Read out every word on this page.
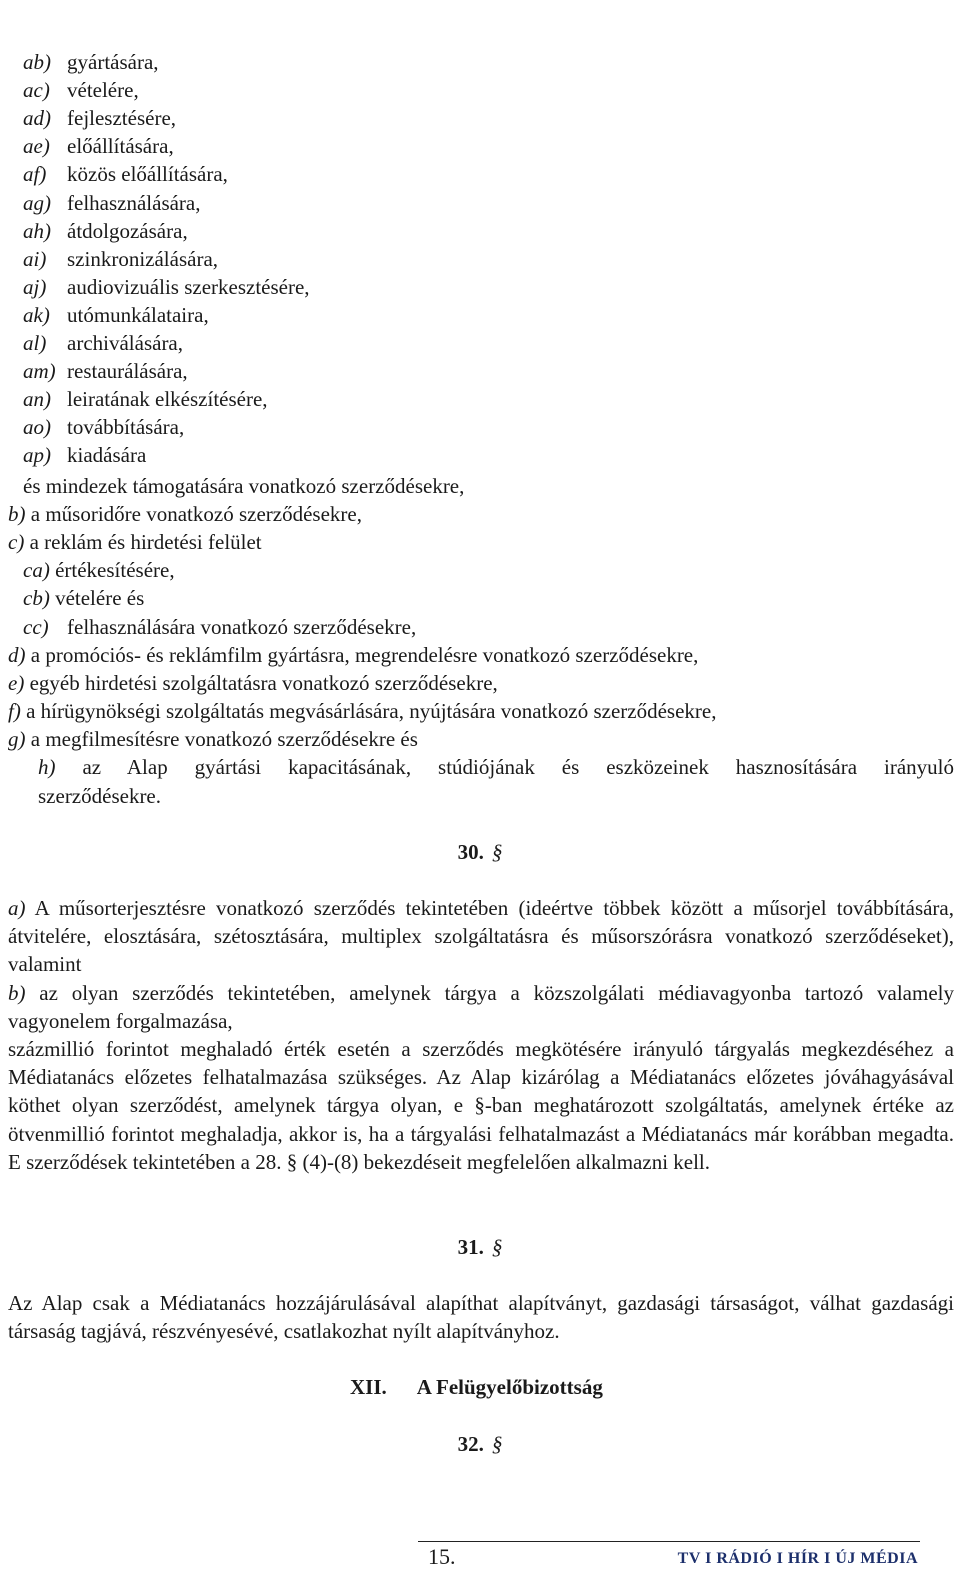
ab) gyártására,
ac) vételére,
ad) fejlesztésére,
ae) előállítására,
af) közös előállítására,
ag) felhasználására,
ah) átdolgozására,
ai) szinkronizálására,
aj) audiovizuális szerkesztésére,
ak) utómunkálataira,
al) archiválására,
am) restaurálására,
an) leiratának elkészítésére,
ao) továbbítására,
ap) kiadására
és mindezek támogatására vonatkozó szerződésekre,
b) a műsoridőre vonatkozó szerződésekre,
c) a reklám és hirdetési felület
ca) értékesítésére,
cb) vételére és
cc) felhasználására vonatkozó szerződésekre,
d) a promóciós- és reklámfilm gyártásra, megrendelésre vonatkozó szerződésekre,
e) egyéb hirdetési szolgáltatásra vonatkozó szerződésekre,
f) a hírügynökségi szolgáltatás megvásárlására, nyújtására vonatkozó szerződésekre,
g) a megfilmesítésre vonatkozó szerződésekre és

h) az Alap gyártási kapacitásának, stúdiójának és eszközeinek hasznosítására irányuló

szerződésekre.
30. §

a) A műsorterjesztésre vonatkozó szerződés tekintetében (ideértve többek között a műsorjel továbbítására, átvitelére, elosztására, szétosztására, multiplex szolgáltatásra és műsorszórásra vonatkozó szerződéseket), valamint

b) az olyan szerződés tekintetében, amelynek tárgya a közszolgálati médiavagyonba tartozó valamely vagyonelem forgalmazása,

százmillió forintot meghaladó érték esetén a szerződés megkötésére irányuló tárgyalás megkezdéséhez a Médiatanács előzetes felhatalmazása szükséges. Az Alap kizárólag a Médiatanács előzetes jóváhagyásával köthet olyan szerződést, amelynek tárgya olyan, e §-ban meghatározott szolgáltatás, amelynek értéke az ötvenmillió forintot meghaladja, akkor is, ha a tárgyalási felhatalmazást a Médiatanács már korábban megadta. E szerződések tekintetében a 28. § (4)-(8) bekezdéseit megfelelően alkalmazni kell.

31. §

Az Alap csak a Médiatanács hozzájárulásával alapíthat alapítványt, gazdasági társaságot, válhat gazdasági társaság tagjává, részvényesévé, csatlakozhat nyílt alapítványhoz.

XII. A Felügyelőbizottság
32. §
15.	TV I RÁDIÓ I HÍR I ÚJ MÉDIA
